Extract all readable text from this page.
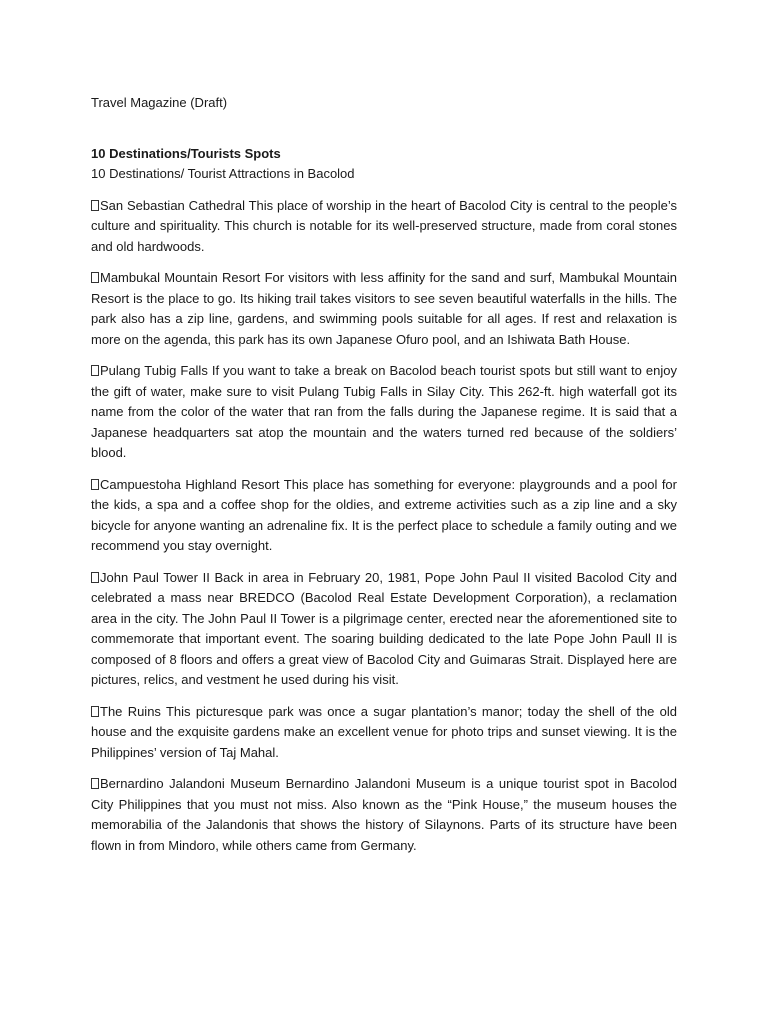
Travel Magazine (Draft)

10 Destinations/Tourists Spots

10 Destinations/ Tourist Attractions in Bacolod

San Sebastian Cathedral This place of worship in the heart of Bacolod City is central to the people’s culture and spirituality. This church is notable for its well-preserved structure, made from coral stones and old hardwoods.

Mambukal Mountain Resort For visitors with less affinity for the sand and surf, Mambukal Mountain Resort is the place to go. Its hiking trail takes visitors to see seven beautiful waterfalls in the hills. The park also has a zip line, gardens, and swimming pools suitable for all ages. If rest and relaxation is more on the agenda, this park has its own Japanese Ofuro pool, and an Ishiwata Bath House.

Pulang Tubig Falls If you want to take a break on Bacolod beach tourist spots but still want to enjoy the gift of water, make sure to visit Pulang Tubig Falls in Silay City. This 262-ft. high waterfall got its name from the color of the water that ran from the falls during the Japanese regime. It is said that a Japanese headquarters sat atop the mountain and the waters turned red because of the soldiers’ blood.

Campuestoha Highland Resort This place has something for everyone: playgrounds and a pool for the kids, a spa and a coffee shop for the oldies, and extreme activities such as a zip line and a sky bicycle for anyone wanting an adrenaline fix. It is the perfect place to schedule a family outing and we recommend you stay overnight.

John Paul Tower II Back in area in February 20, 1981, Pope John Paul II visited Bacolod City and celebrated a mass near BREDCO (Bacolod Real Estate Development Corporation), a reclamation area in the city. The John Paul II Tower is a pilgrimage center, erected near the aforementioned site to commemorate that important event. The soaring building dedicated to the late Pope John Paull II is composed of 8 floors and offers a great view of Bacolod City and Guimaras Strait. Displayed here are pictures, relics, and vestment he used during his visit.

The Ruins This picturesque park was once a sugar plantation’s manor; today the shell of the old house and the exquisite gardens make an excellent venue for photo trips and sunset viewing. It is the Philippines’ version of Taj Mahal.

Bernardino Jalandoni Museum Bernardino Jalandoni Museum is a unique tourist spot in Bacolod City Philippines that you must not miss. Also known as the “Pink House,” the museum houses the memorabilia of the Jalandonis that shows the history of Silaynons. Parts of its structure have been flown in from Mindoro, while others came from Germany.
